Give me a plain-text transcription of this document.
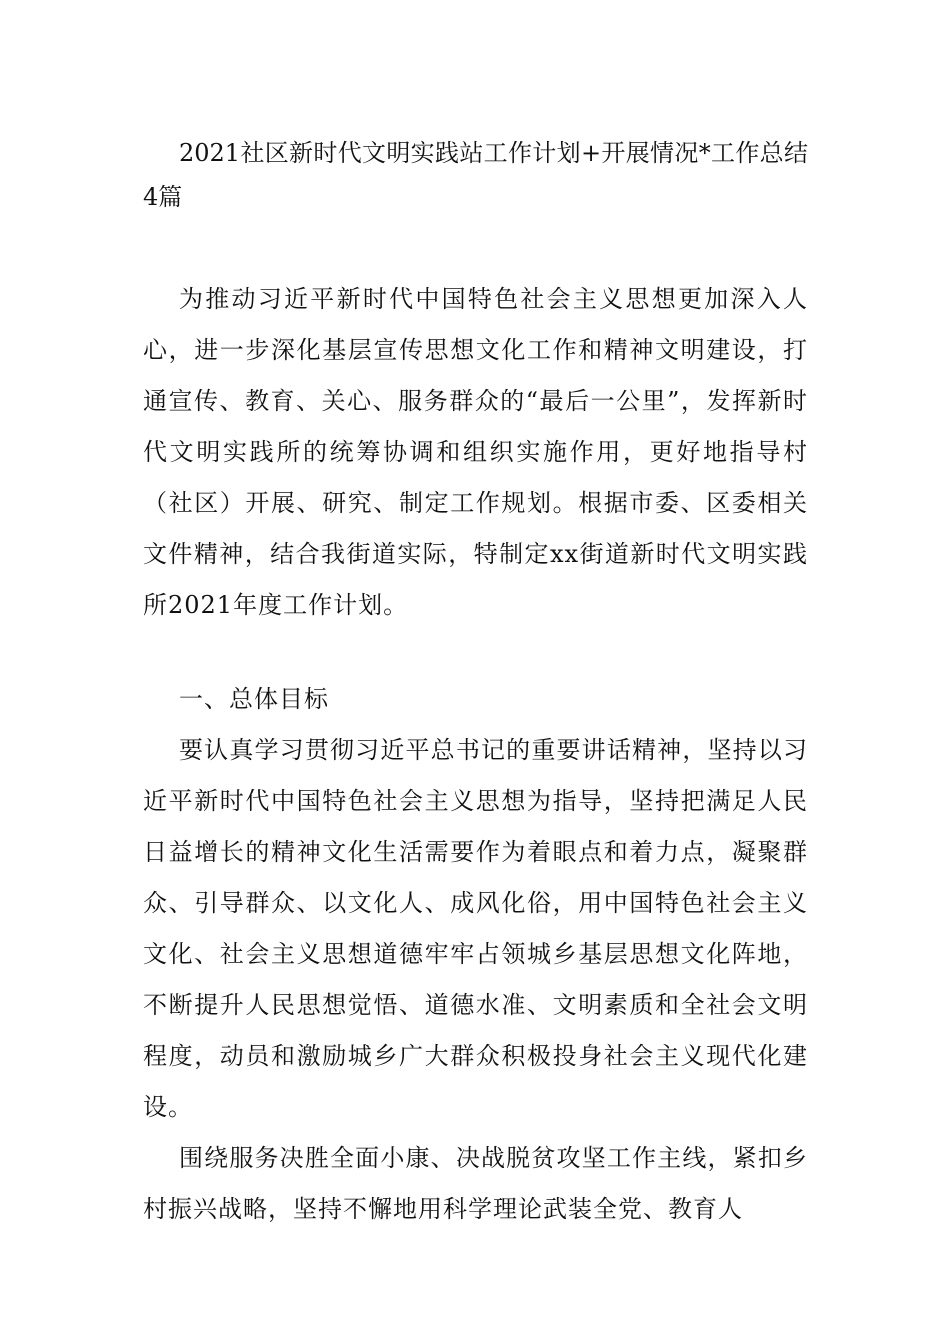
2021社区新时代文明实践站工作计划+开展情况*工作总结4篇

为推动习近平新时代中国特色社会主义思想更加深入人心，进一步深化基层宣传思想文化工作和精神文明建设，打通宣传、教育、关心、服务群众的“最后一公里”，发挥新时代文明实践所的统筹协调和组织实施作用，更好地指导村（社区）开展、研究、制定工作规划。根据市委、区委相关文件精神，结合我街道实际，特制定xx街道新时代文明实践所2021年度工作计划。

一、总体目标

要认真学习贯彻习近平总书记的重要讲话精神，坚持以习近平新时代中国特色社会主义思想为指导，坚持把满足人民日益增长的精神文化生活需要作为着眼点和着力点，凝聚群众、引导群众、以文化人、成风化俗，用中国特色社会主义文化、社会主义思想道德牢牢占领城乡基层思想文化阵地，不断提升人民思想觉悟、道德水准、文明素质和全社会文明程度，动员和激励城乡广大群众积极投身社会主义现代化建设。

围绕服务决胜全面小康、决战脱贫攻坚工作主线，紧扣乡村振兴战略，坚持不懈地用科学理论武装全党、教育人
